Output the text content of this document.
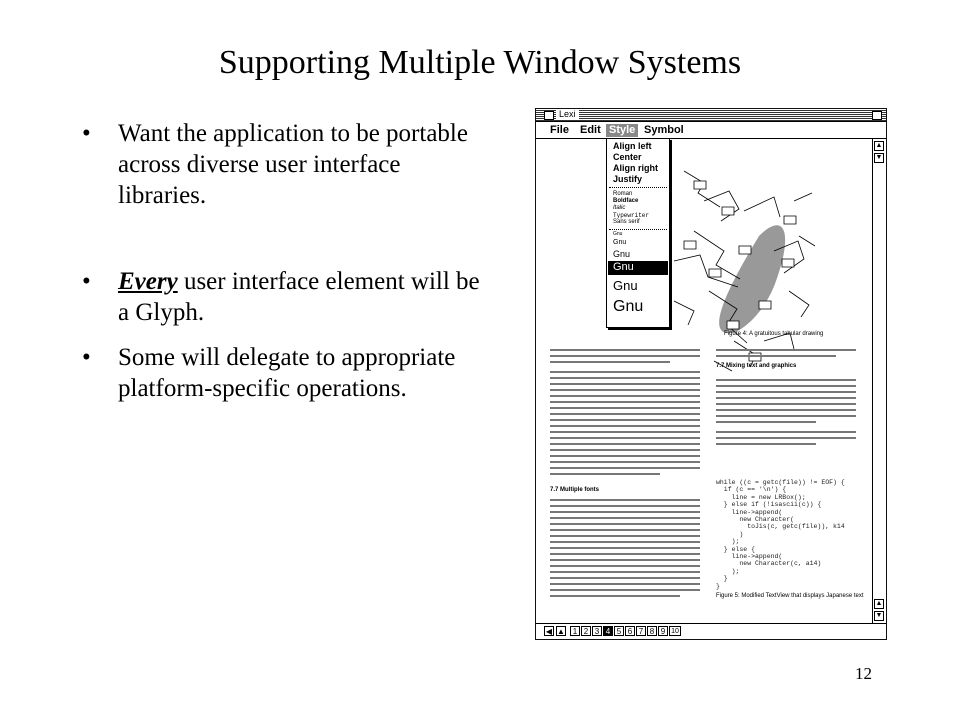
Supporting Multiple Window Systems
• Want the application to be portable across diverse user interface libraries.
• Every user interface element will be a Glyph.
• Some will delegate to appropriate platform-specific operations.
Lexi
File Edit Style Symbol
Figure 4: A gratuitous tabular drawing
7.7 Mixing text and graphics
7.7 Multiple fonts
Figure 5: Modified TextView that displays Japanese text
while ((c = getc(file)) != EOF) {
if (c == '\n') {
line = new LRBox();
} else if (!isascii(c)) {
line->append(
new Character(
toJis(c, getc(file)), k14
)
);
} else {
line->append(
new Character(c, a14)
);
}
}
Align left
Center
Align right
Justify
Roman
Boldface
Italic
Typewriter
Sans serif
Gnu
Gnu
Gnu
Gnu
Gnu
Gnu
▲
▼
▲
▼
◀ ▲ 1 2 3 4 5 6 7 8 9 10
12
